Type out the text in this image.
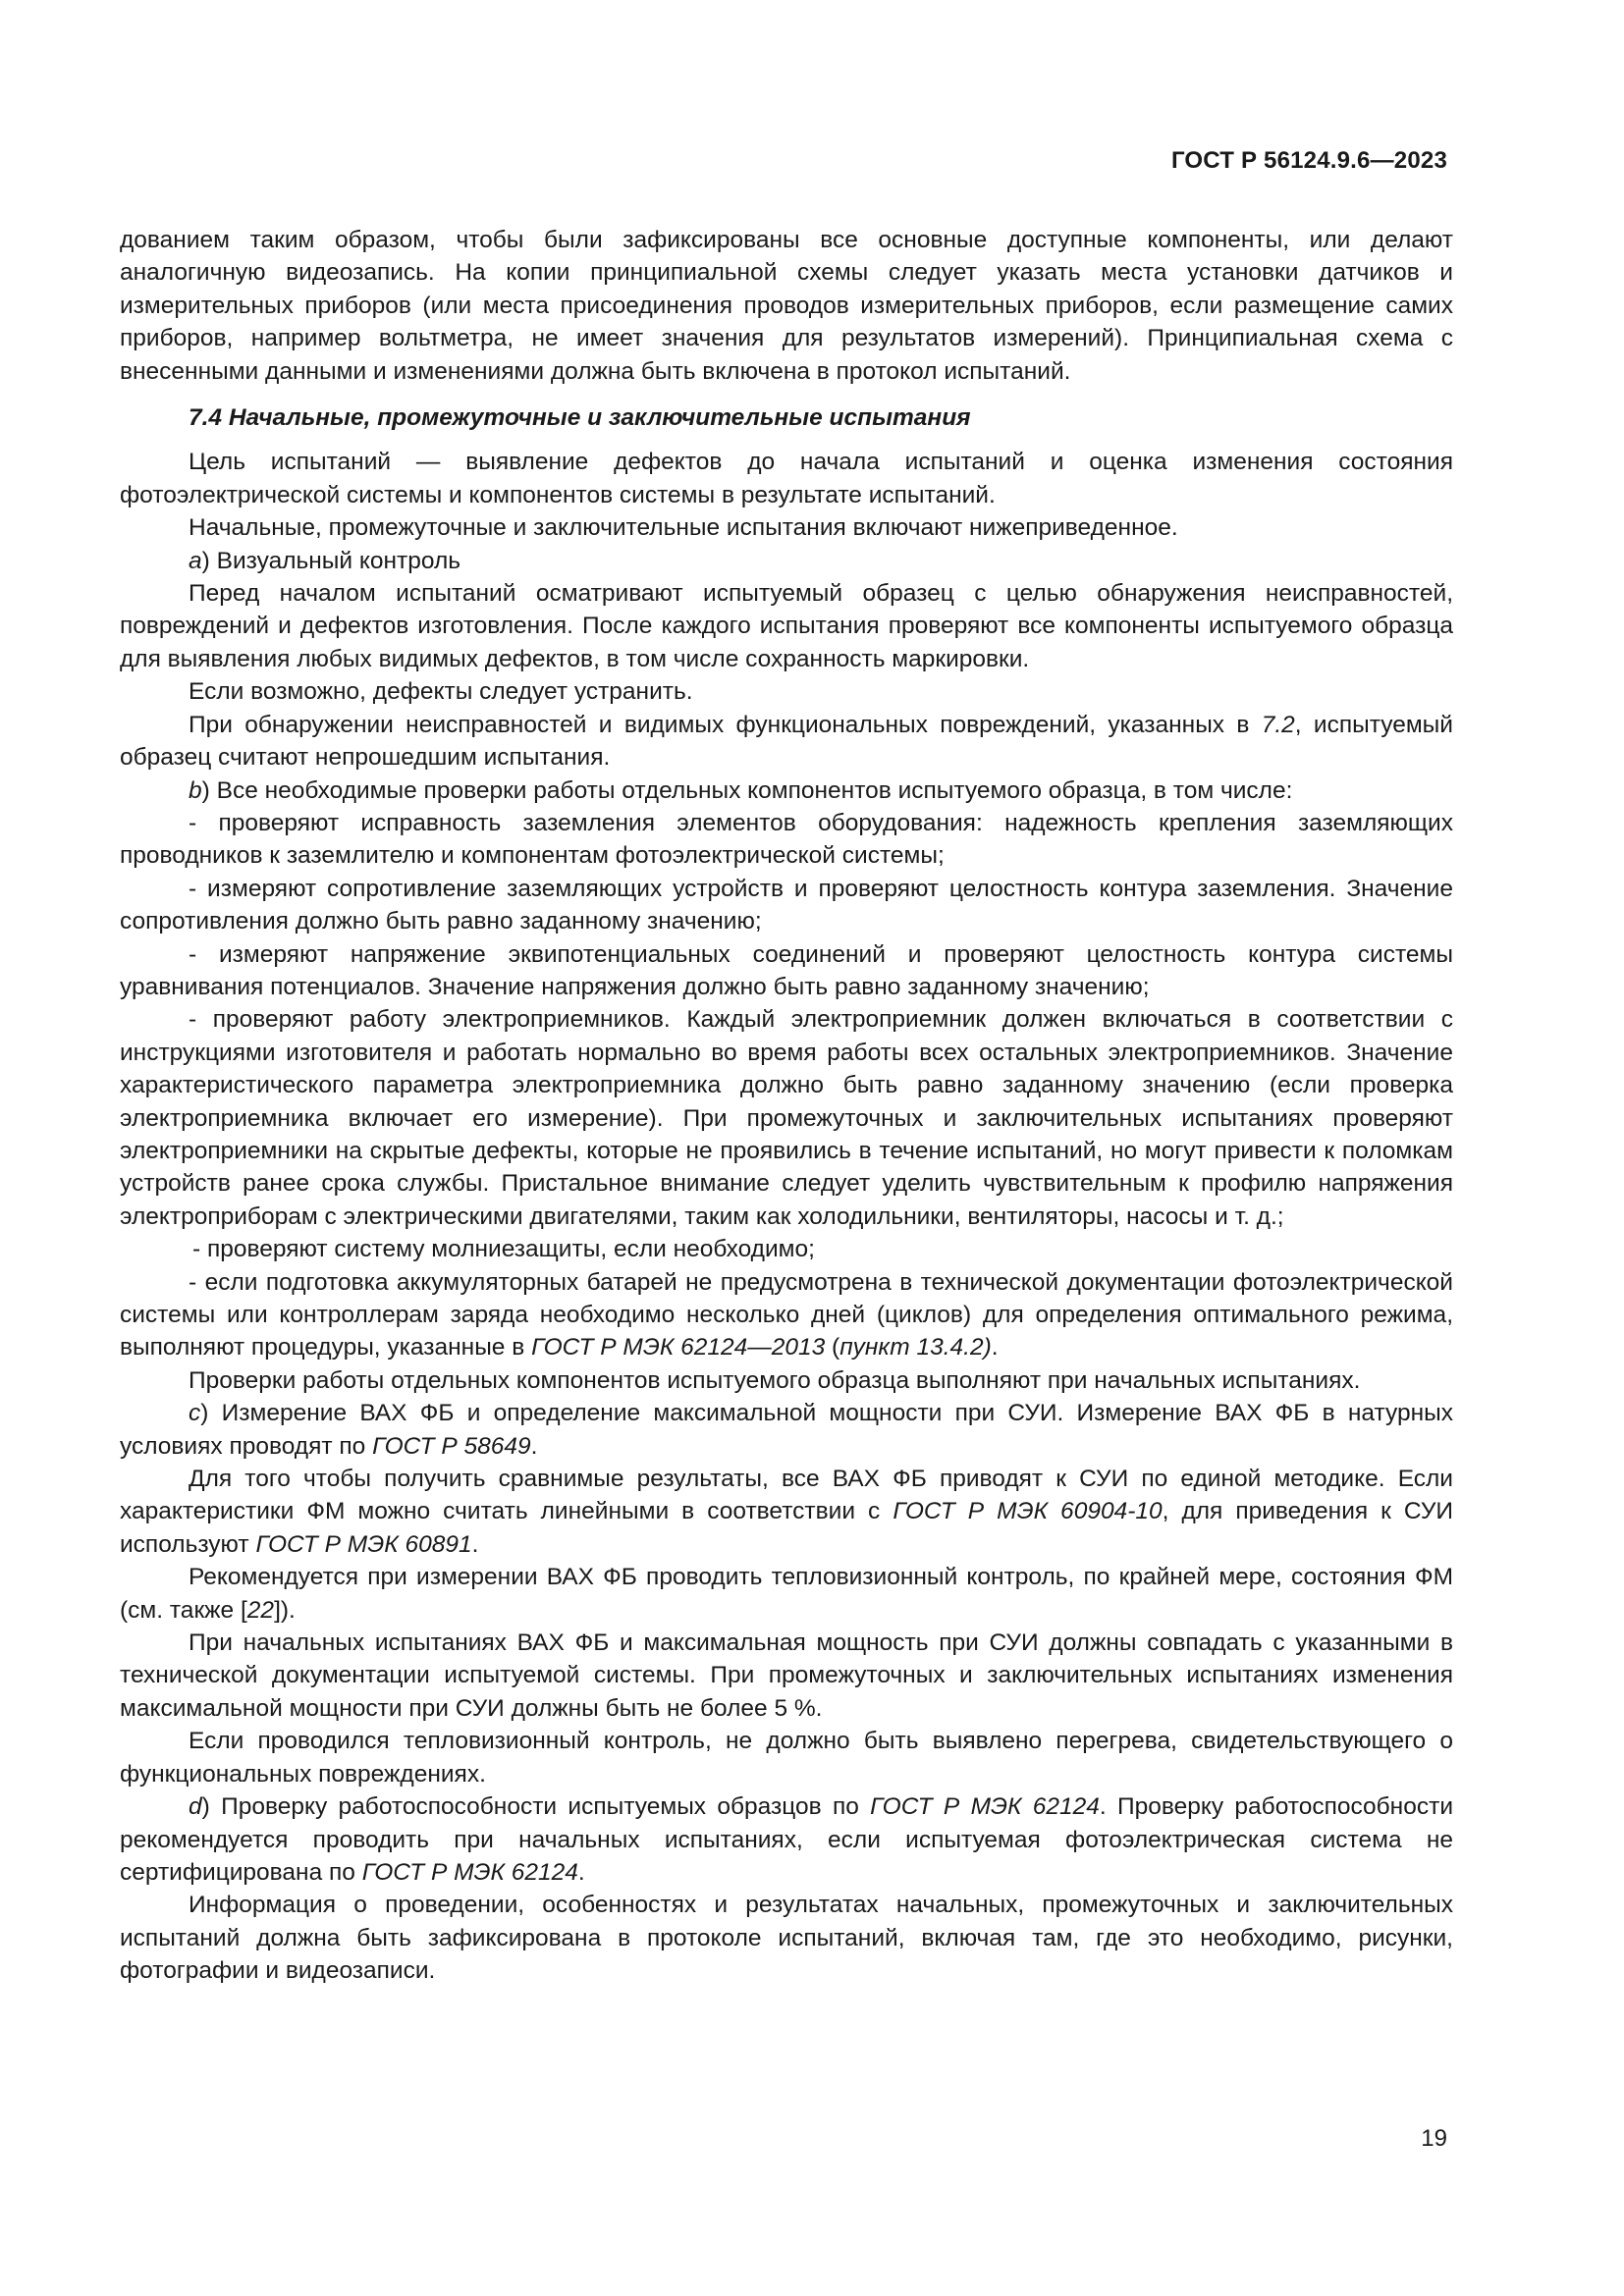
ГОСТ Р 56124.9.6—2023

дованием таким образом, чтобы были зафиксированы все основные доступные компоненты, или делают аналогичную видеозапись. На копии принципиальной схемы следует указать места установки датчиков и измерительных приборов (или места присоединения проводов измерительных приборов, если размещение самих приборов, например вольтметра, не имеет значения для результатов измерений). Принципиальная схема с внесенными данными и изменениями должна быть включена в протокол испытаний.

7.4 Начальные, промежуточные и заключительные испытания

Цель испытаний — выявление дефектов до начала испытаний и оценка изменения состояния фотоэлектрической системы и компонентов системы в результате испытаний.

Начальные, промежуточные и заключительные испытания включают нижеприведенное.

а) Визуальный контроль

Перед началом испытаний осматривают испытуемый образец с целью обнаружения неисправностей, повреждений и дефектов изготовления. После каждого испытания проверяют все компоненты испытуемого образца для выявления любых видимых дефектов, в том числе сохранность маркировки.

Если возможно, дефекты следует устранить.

При обнаружении неисправностей и видимых функциональных повреждений, указанных в 7.2, испытуемый образец считают непрошедшим испытания.

b) Все необходимые проверки работы отдельных компонентов испытуемого образца, в том числе:

- проверяют исправность заземления элементов оборудования: надежность крепления заземляющих проводников к заземлителю и компонентам фотоэлектрической системы;

- измеряют сопротивление заземляющих устройств и проверяют целостность контура заземления. Значение сопротивления должно быть равно заданному значению;

- измеряют напряжение эквипотенциальных соединений и проверяют целостность контура системы уравнивания потенциалов. Значение напряжения должно быть равно заданному значению;

- проверяют работу электроприемников. Каждый электроприемник должен включаться в соответствии с инструкциями изготовителя и работать нормально во время работы всех остальных электроприемников. Значение характеристического параметра электроприемника должно быть равно заданному значению (если проверка электроприемника включает его измерение). При промежуточных и заключительных испытаниях проверяют электроприемники на скрытые дефекты, которые не проявились в течение испытаний, но могут привести к поломкам устройств ранее срока службы. Пристальное внимание следует уделить чувствительным к профилю напряжения электроприборам с электрическими двигателями, таким как холодильники, вентиляторы, насосы и т. д.;

- проверяют систему молниезащиты, если необходимо;

- если подготовка аккумуляторных батарей не предусмотрена в технической документации фотоэлектрической системы или контроллерам заряда необходимо несколько дней (циклов) для определения оптимального режима, выполняют процедуры, указанные в ГОСТ Р МЭК 62124—2013 (пункт 13.4.2).

Проверки работы отдельных компонентов испытуемого образца выполняют при начальных испытаниях.

с) Измерение ВАХ ФБ и определение максимальной мощности при СУИ. Измерение ВАХ ФБ в натурных условиях проводят по ГОСТ Р 58649.

Для того чтобы получить сравнимые результаты, все ВАХ ФБ приводят к СУИ по единой методике. Если характеристики ФМ можно считать линейными в соответствии с ГОСТ Р МЭК 60904-10, для приведения к СУИ используют ГОСТ Р МЭК 60891.

Рекомендуется при измерении ВАХ ФБ проводить тепловизионный контроль, по крайней мере, состояния ФМ (см. также [22]).

При начальных испытаниях ВАХ ФБ и максимальная мощность при СУИ должны совпадать с указанными в технической документации испытуемой системы. При промежуточных и заключительных испытаниях изменения максимальной мощности при СУИ должны быть не более 5 %.

Если проводился тепловизионный контроль, не должно быть выявлено перегрева, свидетельствующего о функциональных повреждениях.

d) Проверку работоспособности испытуемых образцов по ГОСТ Р МЭК 62124. Проверку работоспособности рекомендуется проводить при начальных испытаниях, если испытуемая фотоэлектрическая система не сертифицирована по ГОСТ Р МЭК 62124.

Информация о проведении, особенностях и результатах начальных, промежуточных и заключительных испытаний должна быть зафиксирована в протоколе испытаний, включая там, где это необходимо, рисунки, фотографии и видеозаписи.

19
